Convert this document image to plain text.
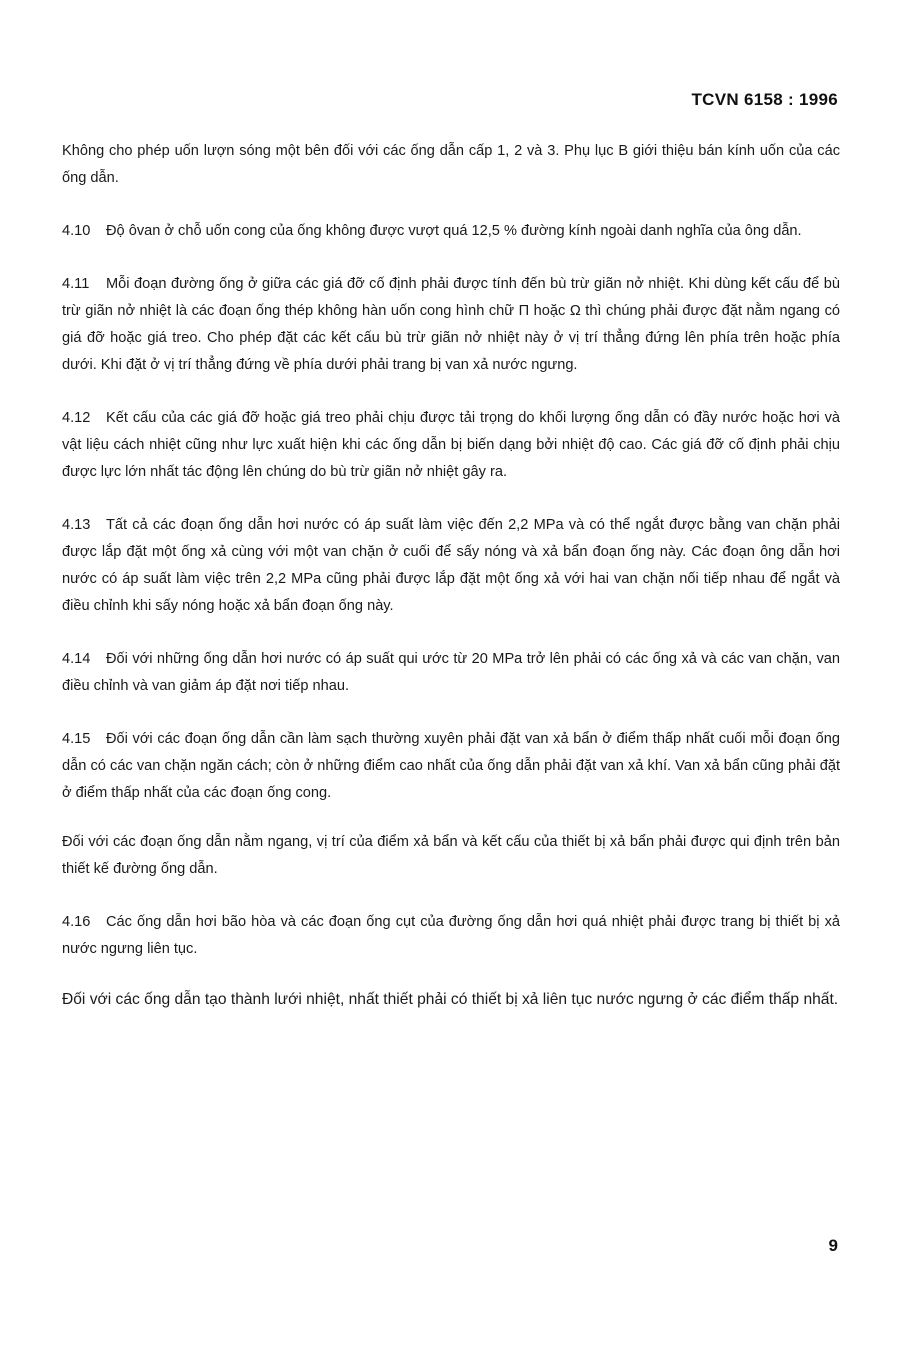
TCVN 6158 : 1996

Không cho phép uốn lượn sóng một bên đối với các ống dẫn cấp 1, 2 và 3. Phụ lục B giới thiệu bán kính uốn của các ống dẫn.

4.10 Độ ôvan ở chỗ uốn cong của ống không được vượt quá 12,5 % đường kính ngoài danh nghĩa của ông dẫn.

4.11 Mỗi đoạn đường ống ở giữa các giá đỡ cố định phải được tính đến bù trừ giãn nở nhiệt. Khi dùng kết cấu để bù trừ giãn nở nhiệt là các đoạn ống thép không hàn uốn cong hình chữ Π hoặc Ω thì chúng phải được đặt nằm ngang có giá đỡ hoặc giá treo. Cho phép đặt các kết cấu bù trừ giãn nở nhiệt này ở vị trí thẳng đứng lên phía trên hoặc phía dưới. Khi đặt ở vị trí thẳng đứng về phía dưới phải trang bị van xả nước ngưng.

4.12 Kết cấu của các giá đỡ hoặc giá treo phải chịu được tải trọng do khối lượng ống dẫn có đầy nước hoặc hơi và vật liệu cách nhiệt cũng như lực xuất hiện khi các ống dẫn bị biến dạng bởi nhiệt độ cao. Các giá đỡ cố định phải chịu được lực lớn nhất tác động lên chúng do bù trừ giãn nở nhiệt gây ra.

4.13 Tất cả các đoạn ống dẫn hơi nước có áp suất làm việc đến 2,2 MPa và có thể ngắt được bằng van chặn phải được lắp đặt một ống xả cùng với một van chặn ở cuối để sấy nóng và xả bẩn đoạn ống này. Các đoạn ông dẫn hơi nước có áp suất làm việc trên 2,2 MPa cũng phải được lắp đặt một ống xả với hai van chặn nối tiếp nhau để ngắt và điều chỉnh khi sấy nóng hoặc xả bẩn đoạn ống này.

4.14 Đối với những ống dẫn hơi nước có áp suất qui ước từ 20 MPa trở lên phải có các ống xả và các van chặn, van điều chỉnh và van giảm áp đặt nơi tiếp nhau.

4.15 Đối với các đoạn ống dẫn cần làm sạch thường xuyên phải đặt van xả bẩn ở điểm thấp nhất cuối mỗi đoạn ống dẫn có các van chặn ngăn cách; còn ở những điểm cao nhất của ống dẫn phải đặt van xả khí. Van xả bẩn cũng phải đặt ở điểm thấp nhất của các đoạn ống cong.

Đối với các đoạn ống dẫn nằm ngang, vị trí của điểm xả bẩn và kết cấu của thiết bị xả bẩn phải được qui định trên bản thiết kế đường ống dẫn.

4.16 Các ống dẫn hơi bão hòa và các đoạn ống cụt của đường ống dẫn hơi quá nhiệt phải được trang bị thiết bị xả nước ngưng liên tục.

Đối với các ống dẫn tạo thành lưới nhiệt, nhất thiết phải có thiết bị xả liên tục nước ngưng ở các điểm thấp nhất.

9
